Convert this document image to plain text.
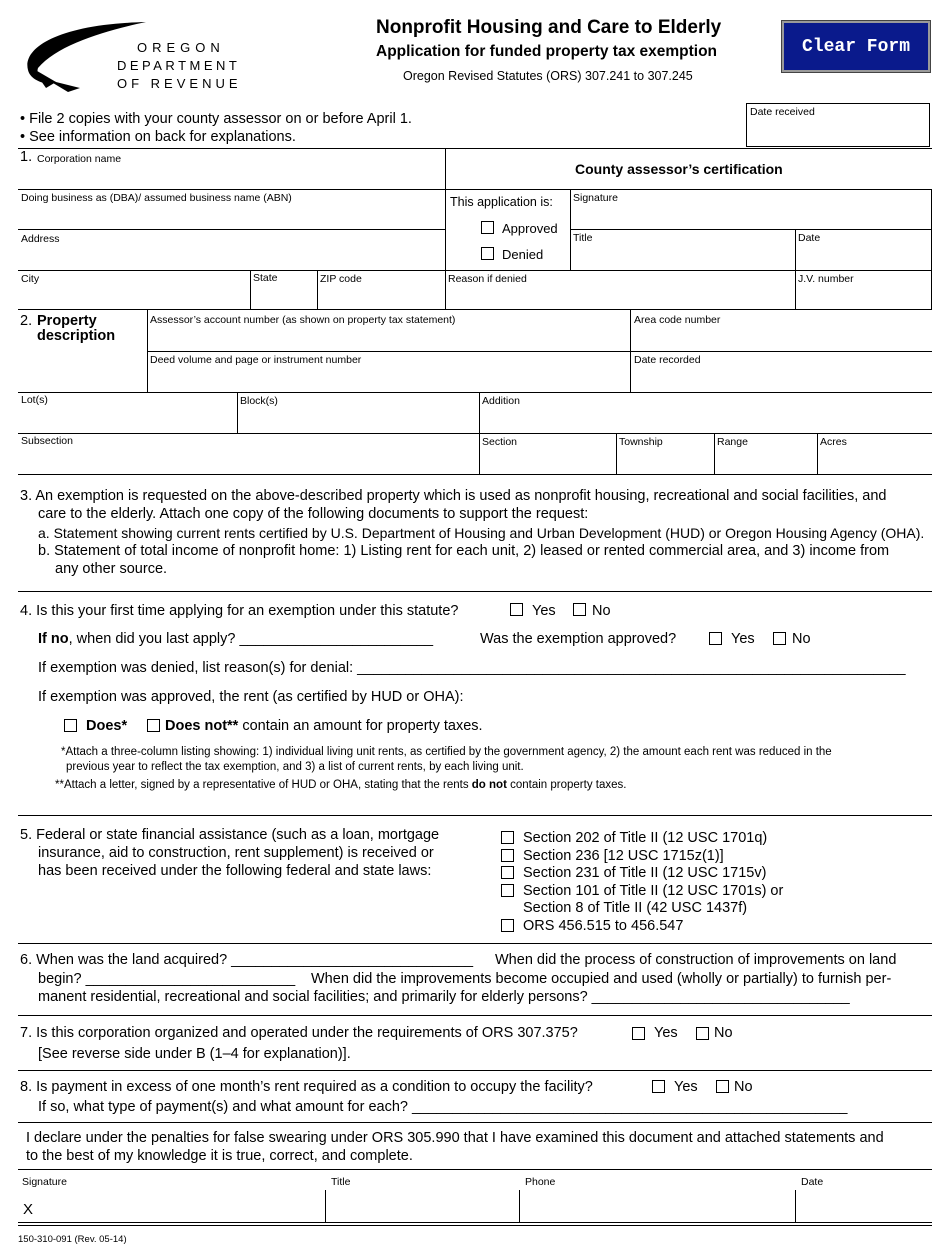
OREGON
DEPARTMENT
OF REVENUE
Nonprofit Housing and Care to Elderly
Application for funded property tax exemption
Oregon Revised Statutes (ORS) 307.241 to 307.245
Clear Form
Date received
• File 2 copies with your county assessor on or before April 1.
• See information on back for explanations.
1. Corporation name
Doing business as (DBA)/ assumed business name (ABN)
Address
City	State	ZIP code
County assessor’s certification
This application is:
Approved
Denied
Signature
Title	Date
Reason if denied	J.V. number
2. Property
description
Assessor’s account number (as shown on property tax statement)	Area code number
Deed volume and page or instrument number	Date recorded
Lot(s)	Block(s)	Addition
Subsection	Section	Township	Range	Acres
3. An exemption is requested on the above-described property which is used as nonprofit housing, recreational and social facilities, and
care to the elderly. Attach one copy of the following documents to support the request:
a. Statement showing current rents certified by U.S. Department of Housing and Urban Development (HUD) or Oregon Housing Agency (OHA).
b. Statement of total income of nonprofit home: 1) Listing rent for each unit, 2) leased or rented commercial area, and 3) income from
any other source.
4. Is this your first time applying for an exemption under this statute?	Yes	No
If no, when did you last apply? ________________________	Was the exemption approved?	Yes	No
If exemption was denied, list reason(s) for denial: ____________________________________________________________________
If exemption was approved, the rent (as certified by HUD or OHA):
Does*	Does not** contain an amount for property taxes.
*Attach a three-column listing showing: 1) individual living unit rents, as certified by the government agency, 2) the amount each rent was reduced in the
previous year to reflect the tax exemption, and 3) a list of current rents, by each living unit.
**Attach a letter, signed by a representative of HUD or OHA, stating that the rents do not contain property taxes.
5. Federal or state financial assistance (such as a loan, mortgage
insurance, aid to construction, rent supplement) is received or
has been received under the following federal and state laws:
Section 202 of Title II (12 USC 1701q)
Section 236 [12 USC 1715z(1)]
Section 231 of Title II (12 USC 1715v)
Section 101 of Title II (12 USC 1701s) or
Section 8 of Title II (42 USC 1437f)
ORS 456.515 to 456.547
6. When was the land acquired? ______________________________ When did the process of construction of improvements on land
begin? __________________________ When did the improvements become occupied and used (wholly or partially) to furnish per-
manent residential, recreational and social facilities; and primarily for elderly persons? ________________________________
7. Is this corporation organized and operated under the requirements of ORS 307.375?	Yes	No
[See reverse side under B (1–4 for explanation)].
8. Is payment in excess of one month’s rent required as a condition to occupy the facility?	Yes	No
If so, what type of payment(s) and what amount for each? ______________________________________________________
I declare under the penalties for false swearing under ORS 305.990 that I have examined this document and attached statements and
to the best of my knowledge it is true, correct, and complete.
Signature
X
Title	Phone	Date
150-310-091 (Rev. 05-14)
